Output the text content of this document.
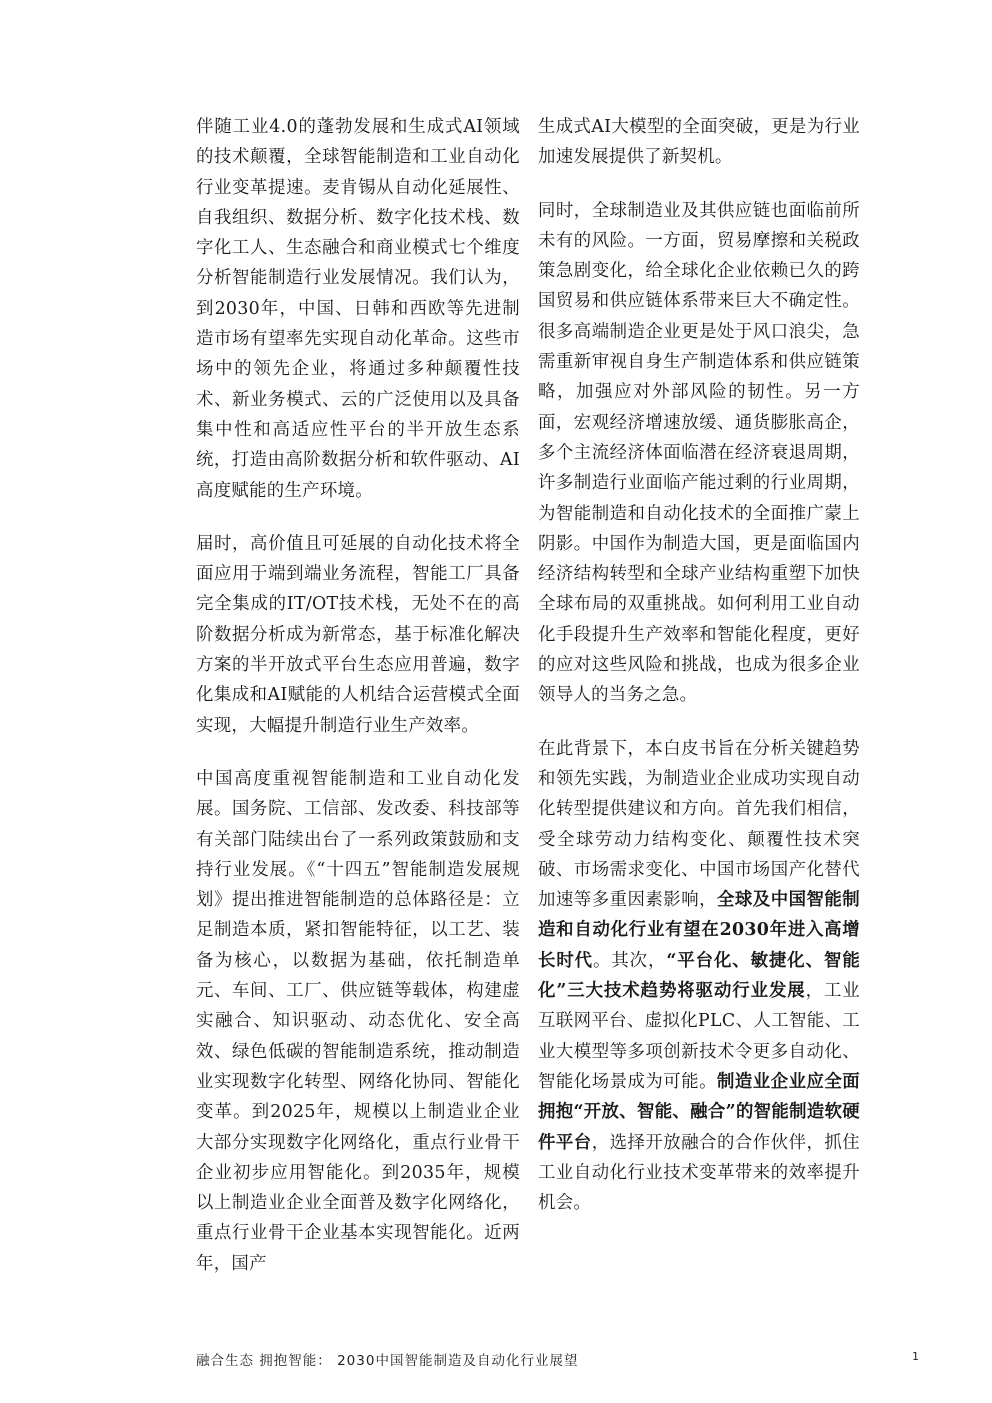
伴随工业4.0的蓬勃发展和生成式AI领域的技术颠覆，全球智能制造和工业自动化行业变革提速。麦肯锡从自动化延展性、自我组织、数据分析、数字化技术栈、数字化工人、生态融合和商业模式七个维度分析智能制造行业发展情况。我们认为，到2030年，中国、日韩和西欧等先进制造市场有望率先实现自动化革命。这些市场中的领先企业，将通过多种颠覆性技术、新业务模式、云的广泛使用以及具备集中性和高适应性平台的半开放生态系统，打造由高阶数据分析和软件驱动、AI高度赋能的生产环境。

届时，高价值且可延展的自动化技术将全面应用于端到端业务流程，智能工厂具备完全集成的IT/OT技术栈，无处不在的高阶数据分析成为新常态，基于标准化解决方案的半开放式平台生态应用普遍，数字化集成和AI赋能的人机结合运营模式全面实现，大幅提升制造行业生产效率。

中国高度重视智能制造和工业自动化发展。国务院、工信部、发改委、科技部等有关部门陆续出台了一系列政策鼓励和支持行业发展。《“十四五”智能制造发展规划》提出推进智能制造的总体路径是：立足制造本质，紧扣智能特征，以工艺、装备为核心，以数据为基础，依托制造单元、车间、工厂、供应链等载体，构建虚实融合、知识驱动、动态优化、安全高效、绿色低碳的智能制造系统，推动制造业实现数字化转型、网络化协同、智能化变革。到2025年，规模以上制造业企业大部分实现数字化网络化，重点行业骨干企业初步应用智能化。到2035年，规模以上制造业企业全面普及数字化网络化，重点行业骨干企业基本实现智能化。近两年，国产

生成式AI大模型的全面突破，更是为行业加速发展提供了新契机。

同时，全球制造业及其供应链也面临前所未有的风险。一方面，贸易摩擦和关税政策急剧变化，给全球化企业依赖已久的跨国贸易和供应链体系带来巨大不确定性。很多高端制造企业更是处于风口浪尖，急需重新审视自身生产制造体系和供应链策略，加强应对外部风险的韧性。另一方面，宏观经济增速放缓、通货膨胀高企，多个主流经济体面临潜在经济衰退周期，许多制造行业面临产能过剩的行业周期，为智能制造和自动化技术的全面推广蒙上阴影。中国作为制造大国，更是面临国内经济结构转型和全球产业结构重塑下加快全球布局的双重挑战。如何利用工业自动化手段提升生产效率和智能化程度，更好的应对这些风险和挑战，也成为很多企业领导人的当务之急。

在此背景下，本白皮书旨在分析关键趋势和领先实践，为制造业企业成功实现自动化转型提供建议和方向。首先我们相信，受全球劳动力结构变化、颠覆性技术突破、市场需求变化、中国市场国产化替代加速等多重因素影响，全球及中国智能制造和自动化行业有望在2030年进入高增长时代。其次，“平台化、敏捷化、智能化”三大技术趋势将驱动行业发展，工业互联网平台、虚拟化PLC、人工智能、工业大模型等多项创新技术令更多自动化、智能化场景成为可能。制造业企业应全面拥抱“开放、智能、融合”的智能制造软硬件平台，选择开放融合的合作伙伴，抓住工业自动化行业技术变革带来的效率提升机会。

融合生态 拥抱智能： 2030中国智能制造及自动化行业展望	1
